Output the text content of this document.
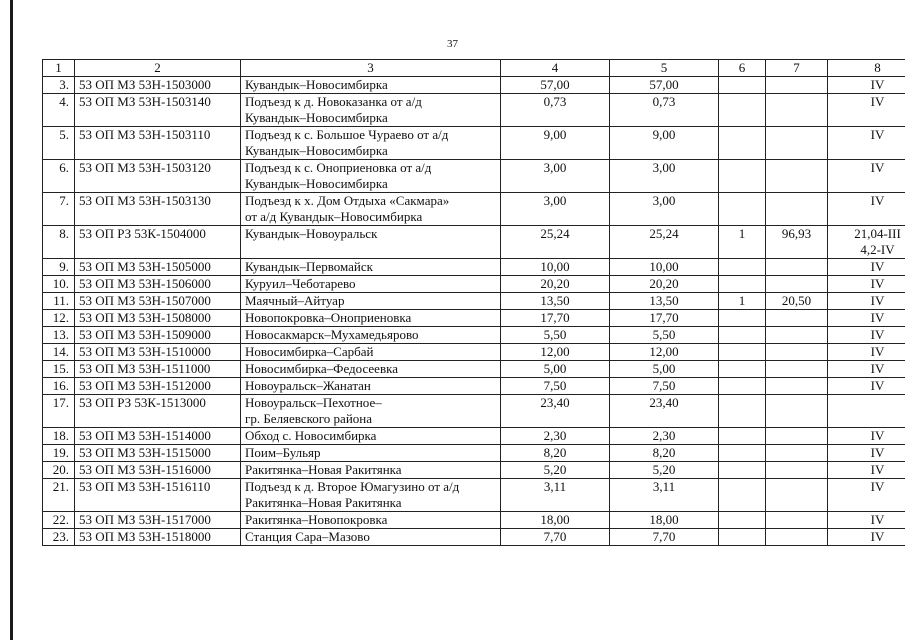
37
1	2	3	4	5	6	7	8
3.	53 ОП МЗ 53Н-1503000	Кувандык–Новосимбирка	57,00	57,00			IV
4.	53 ОП МЗ 53Н-1503140	Подъезд к д. Новоказанка от а/д
Кувандык–Новосимбирка	0,73	0,73			IV
5.	53 ОП МЗ 53Н-1503110	Подъезд к с. Большое Чураево от а/д
Кувандык–Новосимбирка	9,00	9,00			IV
6.	53 ОП МЗ 53Н-1503120	Подъезд к с. Оноприеновка от а/д
Кувандык–Новосимбирка	3,00	3,00			IV
7.	53 ОП МЗ 53Н-1503130	Подъезд к х. Дом Отдыха «Сакмара»
от а/д Кувандык–Новосимбирка	3,00	3,00			IV
8.	53 ОП РЗ 53К-1504000	Кувандык–Новоуральск	25,24	25,24	1	96,93	21,04-III
4,2-IV
9.	53 ОП МЗ 53Н-1505000	Кувандык–Первомайск	10,00	10,00			IV
10.	53 ОП МЗ 53Н-1506000	Куруил–Чеботарево	20,20	20,20			IV
11.	53 ОП МЗ 53Н-1507000	Маячный–Айтуар	13,50	13,50	1	20,50	IV
12.	53 ОП МЗ 53Н-1508000	Новопокровка–Оноприеновка	17,70	17,70			IV
13.	53 ОП МЗ 53Н-1509000	Новосакмарск–Мухамедьярово	5,50	5,50			IV
14.	53 ОП МЗ 53Н-1510000	Новосимбирка–Сарбай	12,00	12,00			IV
15.	53 ОП МЗ 53Н-1511000	Новосимбирка–Федосеевка	5,00	5,00			IV
16.	53 ОП МЗ 53Н-1512000	Новоуральск–Жанатан	7,50	7,50			IV
17.	53 ОП РЗ 53К-1513000	Новоуральск–Пехотное–
гр. Беляевского района	23,40	23,40			
18.	53 ОП МЗ 53Н-1514000	Обход с. Новосимбирка	2,30	2,30			IV
19.	53 ОП МЗ 53Н-1515000	Поим–Бульяр	8,20	8,20			IV
20.	53 ОП МЗ 53Н-1516000	Ракитянка–Новая Ракитянка	5,20	5,20			IV
21.	53 ОП МЗ 53Н-1516110	Подъезд к д. Второе Юмагузино от а/д
Ракитянка–Новая Ракитянка	3,11	3,11			IV
22.	53 ОП МЗ 53Н-1517000	Ракитянка–Новопокровка	18,00	18,00			IV
23.	53 ОП МЗ 53Н-1518000	Станция Сара–Мазово	7,70	7,70			IV
